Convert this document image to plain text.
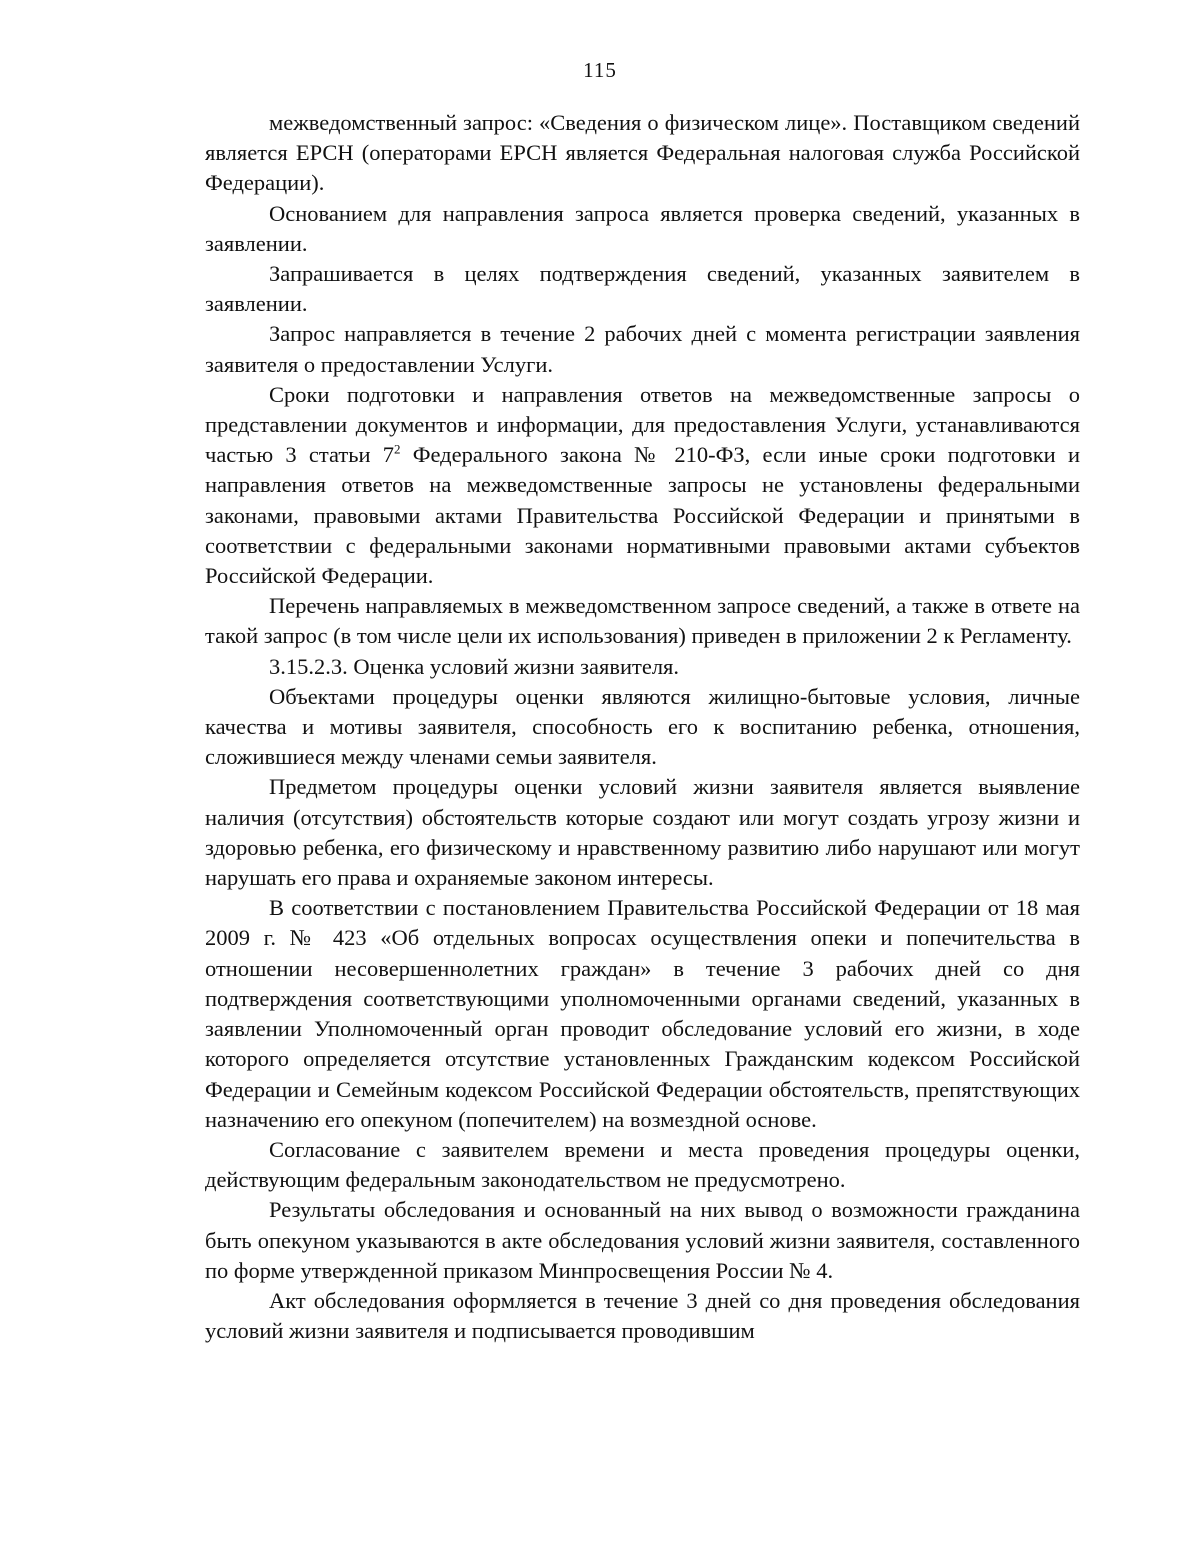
115

межведомственный запрос: «Сведения о физическом лице». Поставщиком сведений является ЕРСН (операторами ЕРСН является Федеральная налоговая служба Российской Федерации).

Основанием для направления запроса является проверка сведений, указанных в заявлении.

Запрашивается в целях подтверждения сведений, указанных заявителем в заявлении.

Запрос направляется в течение 2 рабочих дней с момента регистрации заявления заявителя о предоставлении Услуги.

Сроки подготовки и направления ответов на межведомственные запросы о представлении документов и информации, для предоставления Услуги, устанавливаются частью 3 статьи $7^2$ Федерального закона № 210-ФЗ, если иные сроки подготовки и направления ответов на межведомственные запросы не установлены федеральными законами, правовыми актами Правительства Российской Федерации и принятыми в соответствии с федеральными законами нормативными правовыми актами субъектов Российской Федерации.

Перечень направляемых в межведомственном запросе сведений, а также в ответе на такой запрос (в том числе цели их использования) приведен в приложении 2 к Регламенту.

3.15.2.3. Оценка условий жизни заявителя.

Объектами процедуры оценки являются жилищно-бытовые условия, личные качества и мотивы заявителя, способность его к воспитанию ребенка, отношения, сложившиеся между членами семьи заявителя.

Предметом процедуры оценки условий жизни заявителя является выявление наличия (отсутствия) обстоятельств которые создают или могут создать угрозу жизни и здоровью ребенка, его физическому и нравственному развитию либо нарушают или могут нарушать его права и охраняемые законом интересы.

В соответствии с постановлением Правительства Российской Федерации от 18 мая 2009 г. № 423 «Об отдельных вопросах осуществления опеки и попечительства в отношении несовершеннолетних граждан» в течение 3 рабочих дней со дня подтверждения соответствующими уполномоченными органами сведений, указанных в заявлении Уполномоченный орган проводит обследование условий его жизни, в ходе которого определяется отсутствие установленных Гражданским кодексом Российской Федерации и Семейным кодексом Российской Федерации обстоятельств, препятствующих назначению его опекуном (попечителем) на возмездной основе.

Согласование с заявителем времени и места проведения процедуры оценки, действующим федеральным законодательством не предусмотрено.

Результаты обследования и основанный на них вывод о возможности гражданина быть опекуном указываются в акте обследования условий жизни заявителя, составленного по форме утвержденной приказом Минпросвещения России № 4.

Акт обследования оформляется в течение 3 дней со дня проведения обследования условий жизни заявителя и подписывается проводившим
